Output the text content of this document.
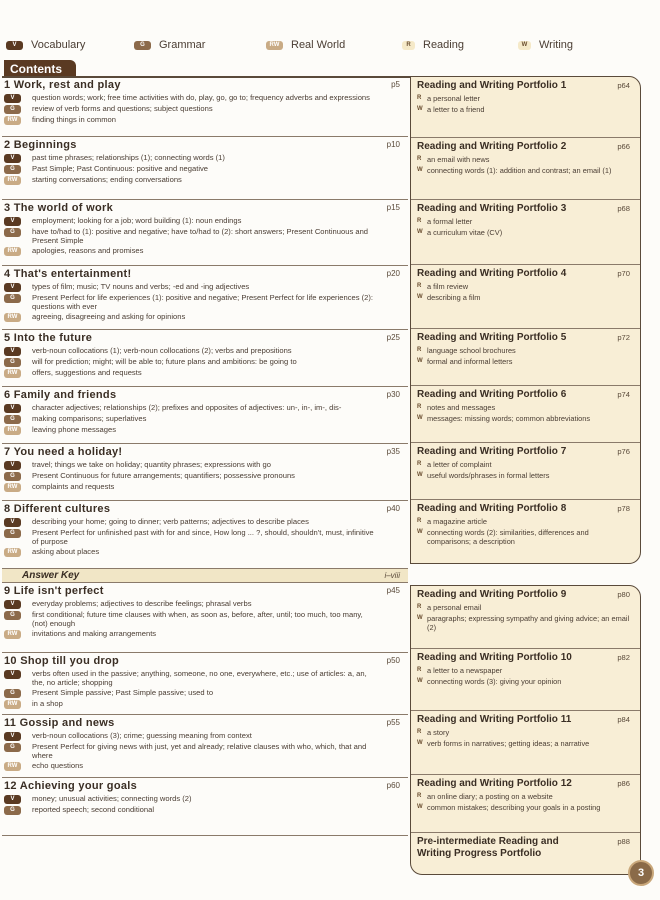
V	Vocabulary	G	Grammar	RW	Real World	R	Reading	W	Writing
Contents
1 Work, rest and play	p5
V	question words; work; free time activities with do, play, go, go to; frequency adverbs and expressions
G	review of verb forms and questions; subject questions
RW	finding things in common
2 Beginnings	p10
V	past time phrases; relationships (1); connecting words (1)
G	Past Simple; Past Continuous: positive and negative
RW	starting conversations; ending conversations
3 The world of work	p15
V	employment; looking for a job; word building (1): noun endings
G	have to/had to (1): positive and negative; have to/had to (2): short answers; Present Continuous and Present Simple
RW	apologies, reasons and promises
4 That's entertainment!	p20
V	types of film; music; TV nouns and verbs; -ed and -ing adjectives
G	Present Perfect for life experiences (1): positive and negative; Present Perfect for life experiences (2): questions with ever
RW	agreeing, disagreeing and asking for opinions
5 Into the future	p25
V	verb-noun collocations (1); verb-noun collocations (2); verbs and prepositions
G	will for prediction; might; will be able to; future plans and ambitions: be going to
RW	offers, suggestions and requests
6 Family and friends	p30
V	character adjectives; relationships (2); prefixes and opposites of adjectives: un-, in-, im-, dis-
G	making comparisons; superlatives
RW	leaving phone messages
7 You need a holiday!	p35
V	travel; things we take on holiday; quantity phrases; expressions with go
G	Present Continuous for future arrangements; quantifiers; possessive pronouns
RW	complaints and requests
8 Different cultures	p40
V	describing your home; going to dinner; verb patterns; adjectives to describe places
G	Present Perfect for unfinished past with for and since, How long ... ?, should, shouldn't, must, infinitive of purpose
RW	asking about places
Answer Key	i–viii
9 Life isn't perfect	p45
V	everyday problems; adjectives to describe feelings; phrasal verbs
G	first conditional; future time clauses with when, as soon as, before, after, until; too much, too many, (not) enough
RW	invitations and making arrangements
10 Shop till you drop	p50
V	verbs often used in the passive; anything, someone, no one, everywhere, etc.; use of articles: a, an, the, no article; shopping
G	Present Simple passive; Past Simple passive; used to
RW	in a shop
11 Gossip and news	p55
V	verb-noun collocations (3); crime; guessing meaning from context
G	Present Perfect for giving news with just, yet and already; relative clauses with who, which, that and where
RW	echo questions
12 Achieving your goals	p60
V	money; unusual activities; connecting words (2)
G	reported speech; second conditional
Reading and Writing Portfolio 1	p64
R a personal letter
W a letter to a friend
Reading and Writing Portfolio 2	p66
R an email with news
W connecting words (1): addition and contrast; an email (1)
Reading and Writing Portfolio 3	p68
R a formal letter
W a curriculum vitae (CV)
Reading and Writing Portfolio 4	p70
R a film review
W describing a film
Reading and Writing Portfolio 5	p72
R language school brochures
W formal and informal letters
Reading and Writing Portfolio 6	p74
R notes and messages
W messages: missing words; common abbreviations
Reading and Writing Portfolio 7	p76
R a letter of complaint
W useful words/phrases in formal letters
Reading and Writing Portfolio 8	p78
R a magazine article
W connecting words (2): similarities, differences and comparisons; a description
Reading and Writing Portfolio 9	p80
R a personal email
W paragraphs; expressing sympathy and giving advice; an email (2)
Reading and Writing Portfolio 10	p82
R a letter to a newspaper
W connecting words (3): giving your opinion
Reading and Writing Portfolio 11	p84
R a story
W verb forms in narratives; getting ideas; a narrative
Reading and Writing Portfolio 12	p86
R an online diary; a posting on a website
W common mistakes; describing your goals in a posting
Pre-intermediate Reading and Writing Progress Portfolio
p88
3
